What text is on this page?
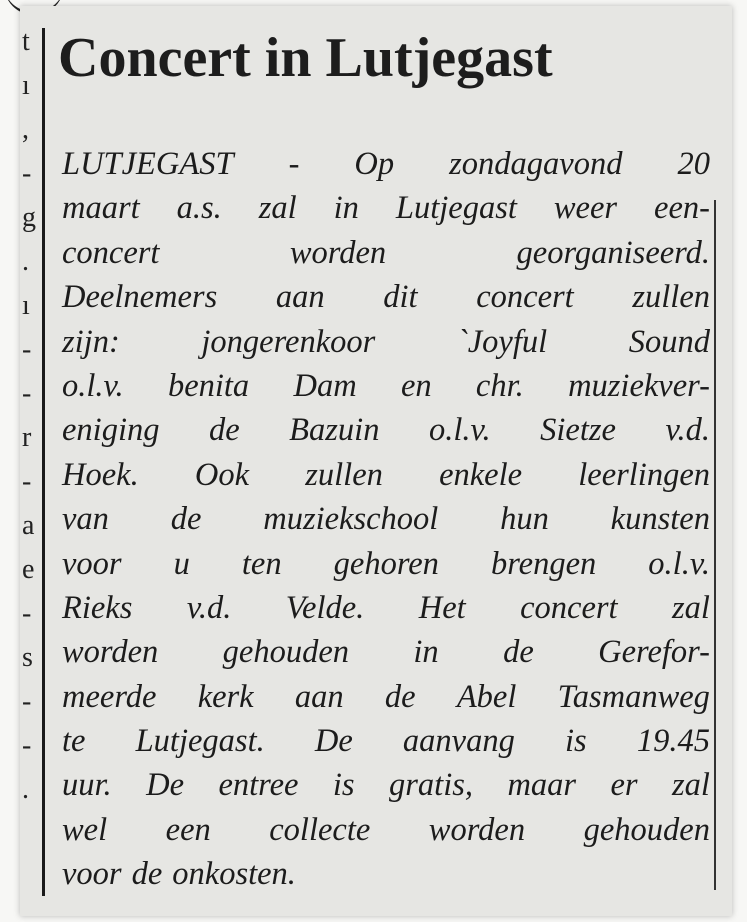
t
ı
,
-
g
.
ı
-
-
r
-
a
e
-
s
-
-
.
Concert in Lutjegast
LUTJEGAST - Op zondagavond 20
maart a.s. zal in Lutjegast weer een-
concert	worden	georganiseerd.
Deelnemers aan dit concert zullen
zijn:	jongerenkoor	`Joyful	Sound
o.l.v. benita Dam en chr. muziekver-
eniging de Bazuin o.l.v. Sietze v.d.
Hoek. Ook zullen enkele leerlingen
van de muziekschool hun kunsten
voor u ten gehoren brengen o.l.v.
Rieks v.d. Velde. Het concert zal
worden gehouden in de Gerefor-
meerde kerk aan de Abel Tasmanweg
te Lutjegast. De aanvang is 19.45
uur. De entree is gratis, maar er zal
wel een collecte worden gehouden
voor de onkosten.
